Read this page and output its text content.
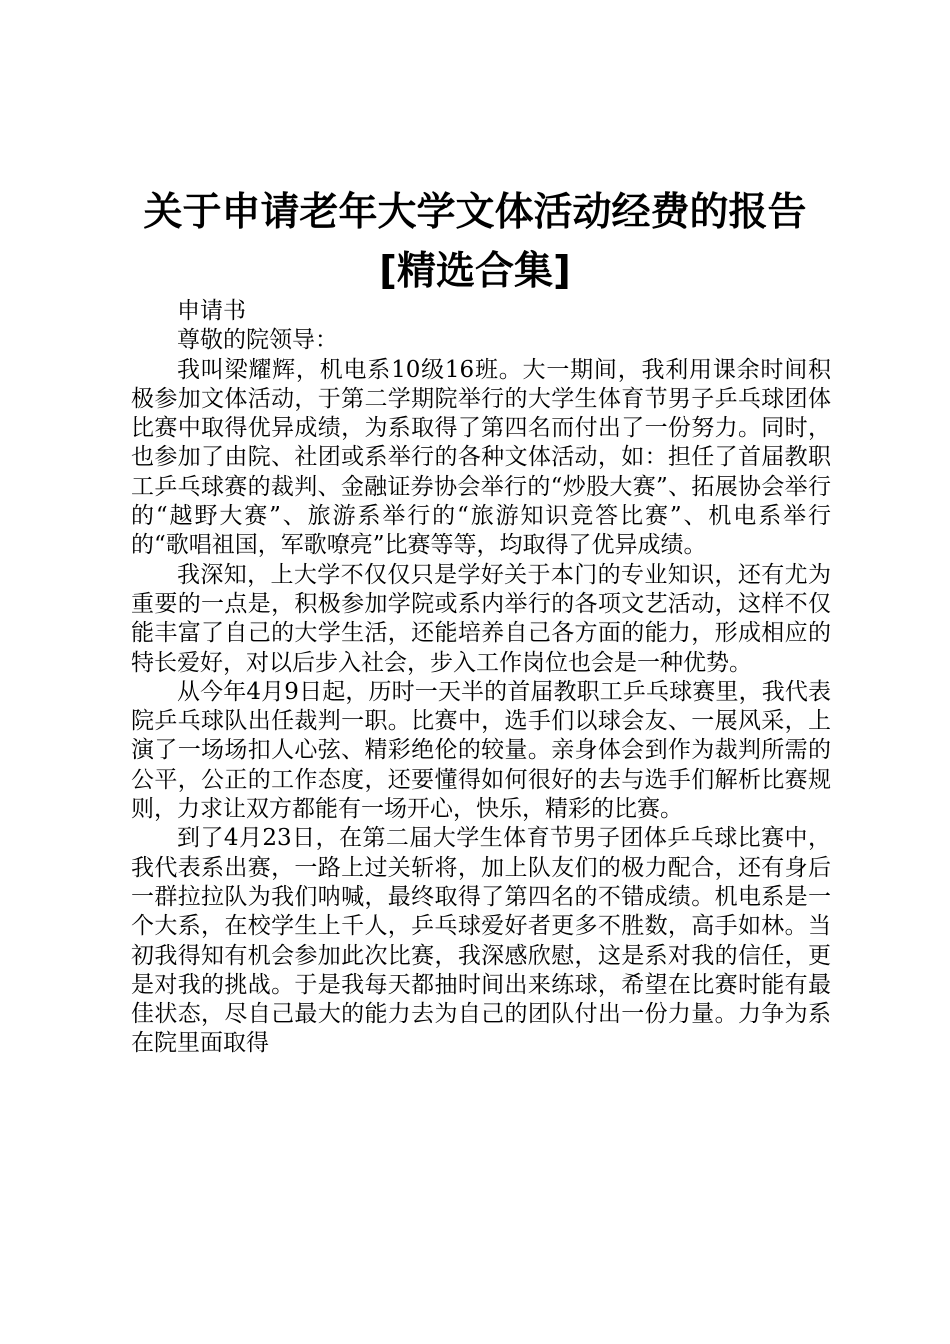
关于申请老年大学文体活动经费的报告[精选合集]

申请书

尊敬的院领导：

我叫梁耀辉，机电系10级16班。大一期间，我利用课余时间积极参加文体活动，于第二学期院举行的大学生体育节男子乒乓球团体比赛中取得优异成绩，为系取得了第四名而付出了一份努力。同时，也参加了由院、社团或系举行的各种文体活动，如：担任了首届教职工乒乓球赛的裁判、金融证券协会举行的“炒股大赛”、拓展协会举行的“越野大赛”、旅游系举行的“旅游知识竞答比赛”、机电系举行的“歌唱祖国，军歌嘹亮”比赛等等，均取得了优异成绩。

我深知，上大学不仅仅只是学好关于本门的专业知识，还有尤为重要的一点是，积极参加学院或系内举行的各项文艺活动，这样不仅能丰富了自己的大学生活，还能培养自己各方面的能力，形成相应的特长爱好，对以后步入社会，步入工作岗位也会是一种优势。

从今年4月9日起，历时一天半的首届教职工乒乓球赛里，我代表院乒乓球队出任裁判一职。比赛中，选手们以球会友、一展风采，上演了一场场扣人心弦、精彩绝伦的较量。亲身体会到作为裁判所需的公平，公正的工作态度，还要懂得如何很好的去与选手们解析比赛规则，力求让双方都能有一场开心，快乐，精彩的比赛。

到了4月23日，在第二届大学生体育节男子团体乒乓球比赛中，我代表系出赛，一路上过关斩将，加上队友们的极力配合，还有身后一群拉拉队为我们呐喊，最终取得了第四名的不错成绩。机电系是一个大系，在校学生上千人，乒乓球爱好者更多不胜数，高手如林。当初我得知有机会参加此次比赛，我深感欣慰，这是系对我的信任，更是对我的挑战。于是我每天都抽时间出来练球，希望在比赛时能有最佳状态，尽自己最大的能力去为自己的团队付出一份力量。力争为系在院里面取得
